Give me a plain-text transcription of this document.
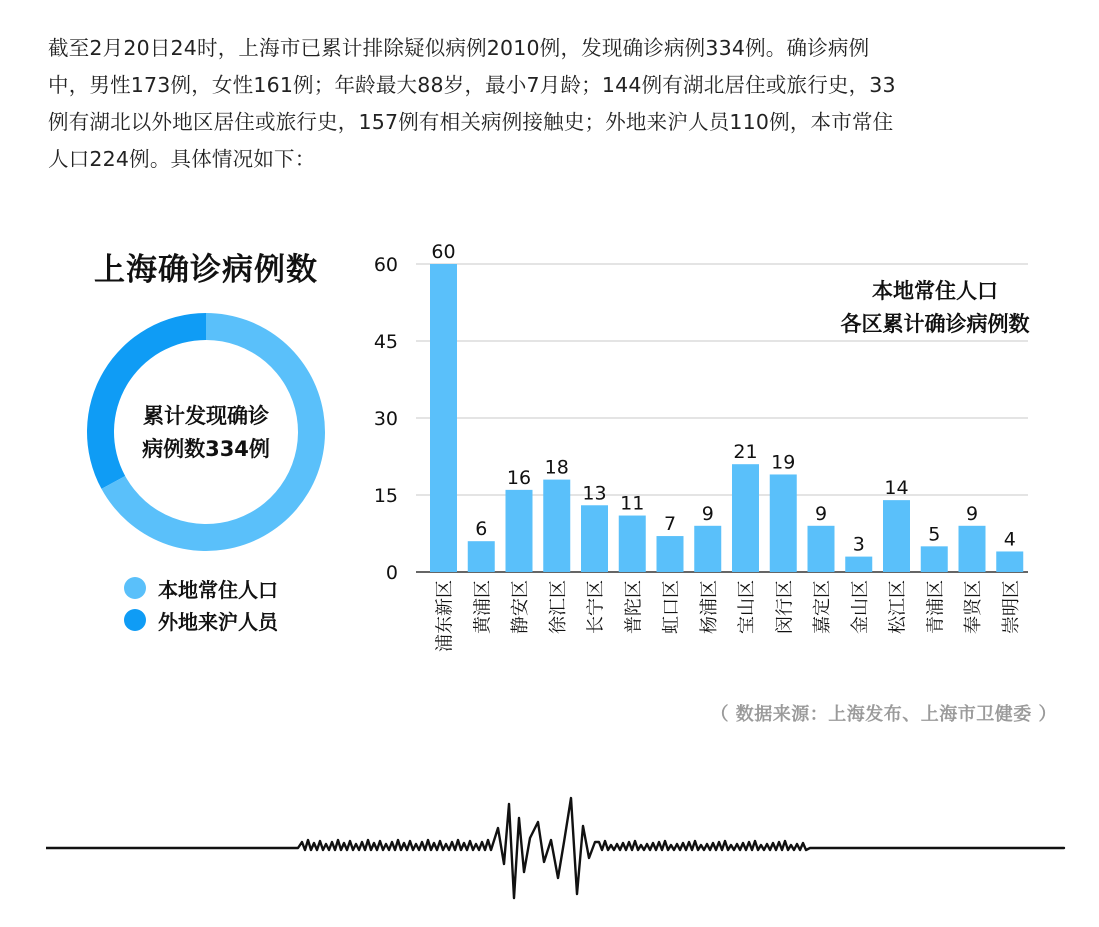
截至2月20日24时，上海市已累计排除疑似病例2010例，发现确诊病例334例。确诊病例
中，男性173例，女性161例；年龄最大88岁，最小7月龄；144例有湖北居住或旅行史，33
例有湖北以外地区居住或旅行史，157例有相关病例接触史；外地来沪人员110例，本市常住
人口224例。具体情况如下：
上海确诊病例数
累计发现确诊
病例数334例
本地常住人口
外地来沪人员
0
15
30
45
60
60
6
16 18
13 11
7 9
21 19
9
3
14
5
9
4
浦东新区 黄浦区 静安区 徐汇区 长宁区 普陀区 虹口区 杨浦区 宝山区 闵行区 嘉定区 金山区 松江区 青浦区 奉贤区 崇明区
本地常住人口
各区累计确诊病例数
（ 数据来源：上海发布、上海市卫健委 ）
